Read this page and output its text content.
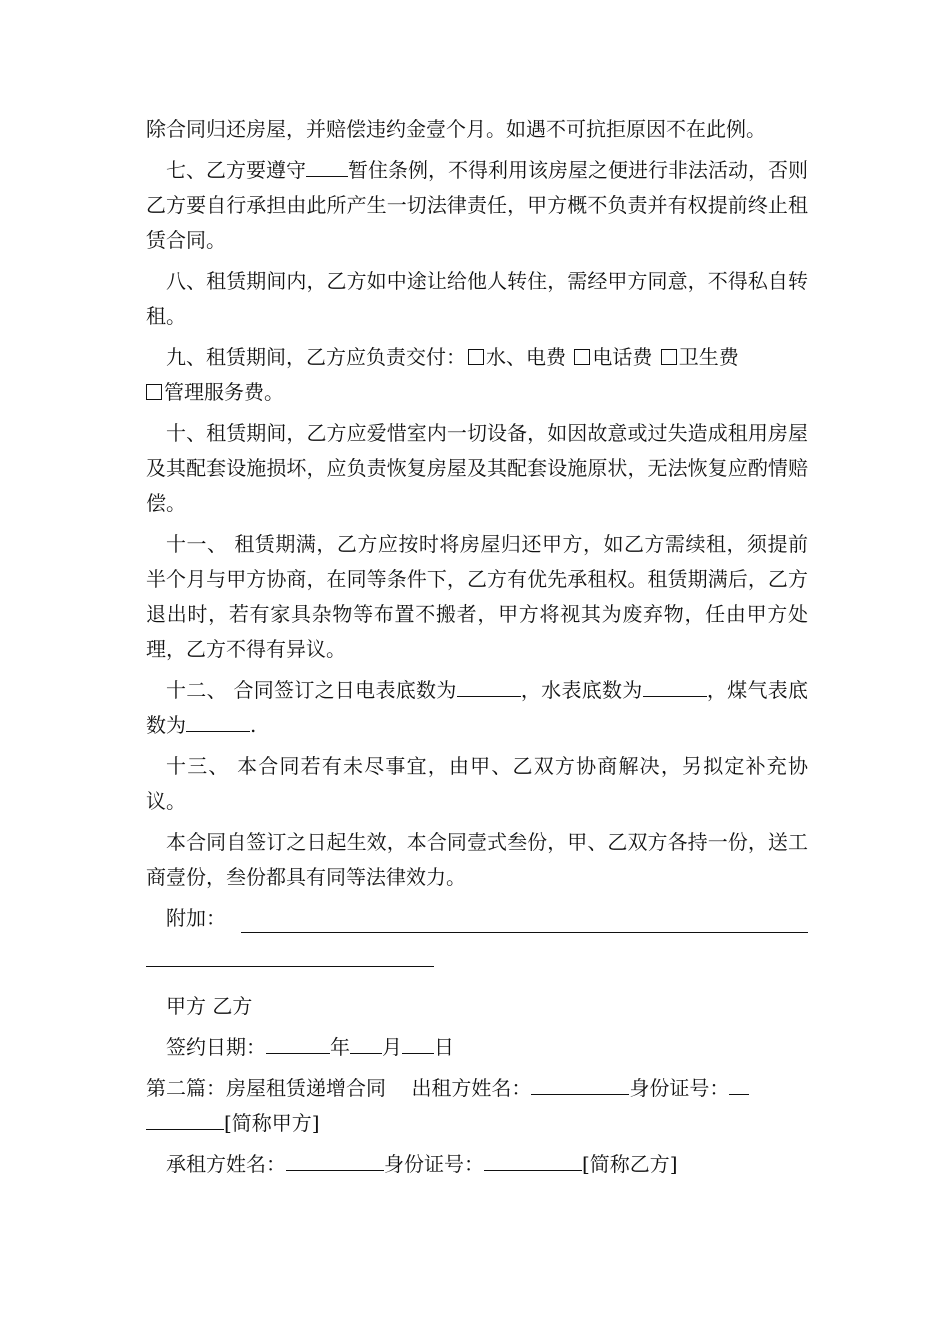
除合同归还房屋，并赔偿违约金壹个月。如遇不可抗拒原因不在此例。

七、乙方要遵守 暂住条例，不得利用该房屋之便进行非法活动，否则乙方要自行承担由此所产生一切法律责任，甲方概不负责并有权提前终止租赁合同。

八、租赁期间内，乙方如中途让给他人转住，需经甲方同意，不得私自转租。

九、租赁期间，乙方应负责交付： 水、电费 电话费 卫生费
管理服务费。

十、租赁期间，乙方应爱惜室内一切设备，如因故意或过失造成租用房屋及其配套设施损坏，应负责恢复房屋及其配套设施原状，无法恢复应酌情赔偿。

十一、 租赁期满，乙方应按时将房屋归还甲方，如乙方需续租，须提前半个月与甲方协商，在同等条件下，乙方有优先承租权。租赁期满后，乙方退出时，若有家具杂物等布置不搬者，甲方将视其为废弃物，任由甲方处理，乙方不得有异议。

十二、 合同签订之日电表底数为	，水表底数为	，煤气表底数为	.

十三、 本合同若有未尽事宜，由甲、乙双方协商解决，另拟定补充协议。

本合同自签订之日起生效，本合同壹式叁份，甲、乙双方各持一份，送工商壹份，叁份都具有同等法律效力。

附加：

甲方 乙方

签约日期：	年 月 日

第二篇：房屋租赁递增合同 出租方姓名：	身份证号：
[简称甲方]

承租方姓名：	身份证号：	[简称乙方]
